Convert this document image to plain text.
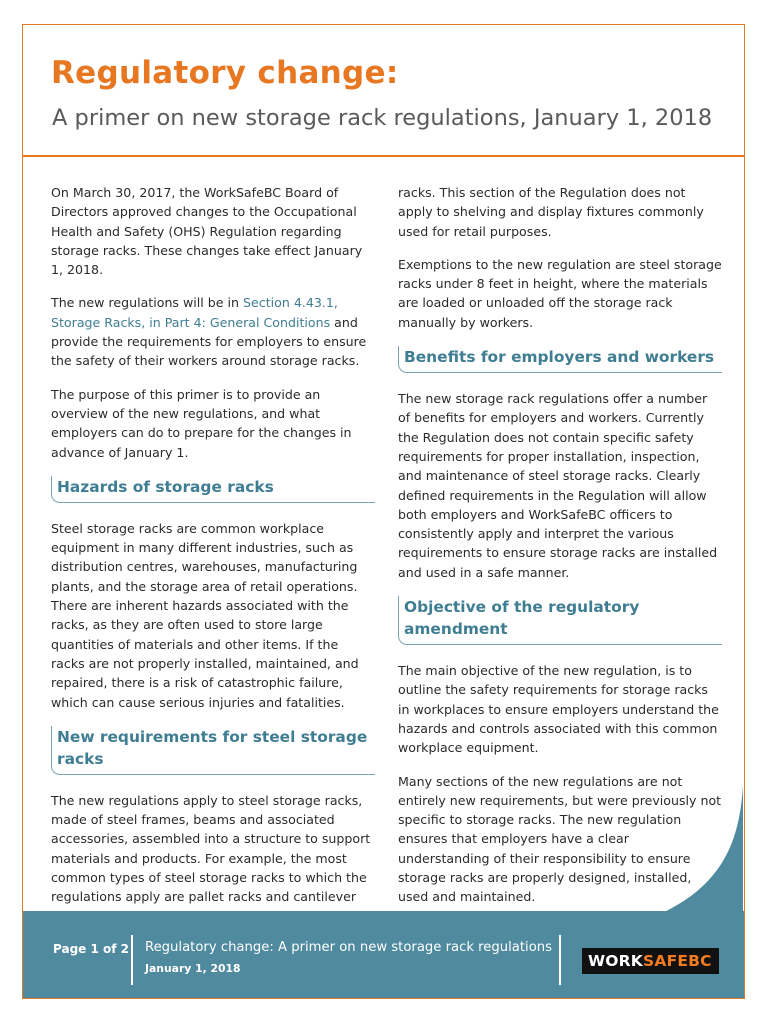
Regulatory change:
A primer on new storage rack regulations, January 1, 2018

On March 30, 2017, the WorkSafeBC Board of Directors approved changes to the Occupational Health and Safety (OHS) Regulation regarding storage racks. These changes take effect January 1, 2018.

The new regulations will be in Section 4.43.1, Storage Racks, in Part 4: General Conditions and provide the requirements for employers to ensure the safety of their workers around storage racks.

The purpose of this primer is to provide an overview of the new regulations, and what employers can do to prepare for the changes in advance of January 1.

Hazards of storage racks

Steel storage racks are common workplace equipment in many different industries, such as distribution centres, warehouses, manufacturing plants, and the storage area of retail operations. There are inherent hazards associated with the racks, as they are often used to store large quantities of materials and other items. If the racks are not properly installed, maintained, and repaired, there is a risk of catastrophic failure, which can cause serious injuries and fatalities.

New requirements for steel storage racks

The new regulations apply to steel storage racks, made of steel frames, beams and associated accessories, assembled into a structure to support materials and products. For example, the most common types of steel storage racks to which the regulations apply are pallet racks and cantilever

racks. This section of the Regulation does not apply to shelving and display fixtures commonly used for retail purposes.

Exemptions to the new regulation are steel storage racks under 8 feet in height, where the materials are loaded or unloaded off the storage rack manually by workers.

Benefits for employers and workers

The new storage rack regulations offer a number of benefits for employers and workers. Currently the Regulation does not contain specific safety requirements for proper installation, inspection, and maintenance of steel storage racks. Clearly defined requirements in the Regulation will allow both employers and WorkSafeBC officers to consistently apply and interpret the various requirements to ensure storage racks are installed and used in a safe manner.

Objective of the regulatory amendment

The main objective of the new regulation, is to outline the safety requirements for storage racks in workplaces to ensure employers understand the hazards and controls associated with this common workplace equipment.

Many sections of the new regulations are not entirely new requirements, but were previously not specific to storage racks. The new regulation ensures that employers have a clear understanding of their responsibility to ensure storage racks are properly designed, installed, used and maintained.

Page 1 of 2 Regulatory change: A primer on new storage rack regulations

January 1, 2018	WORK SAFE BC
